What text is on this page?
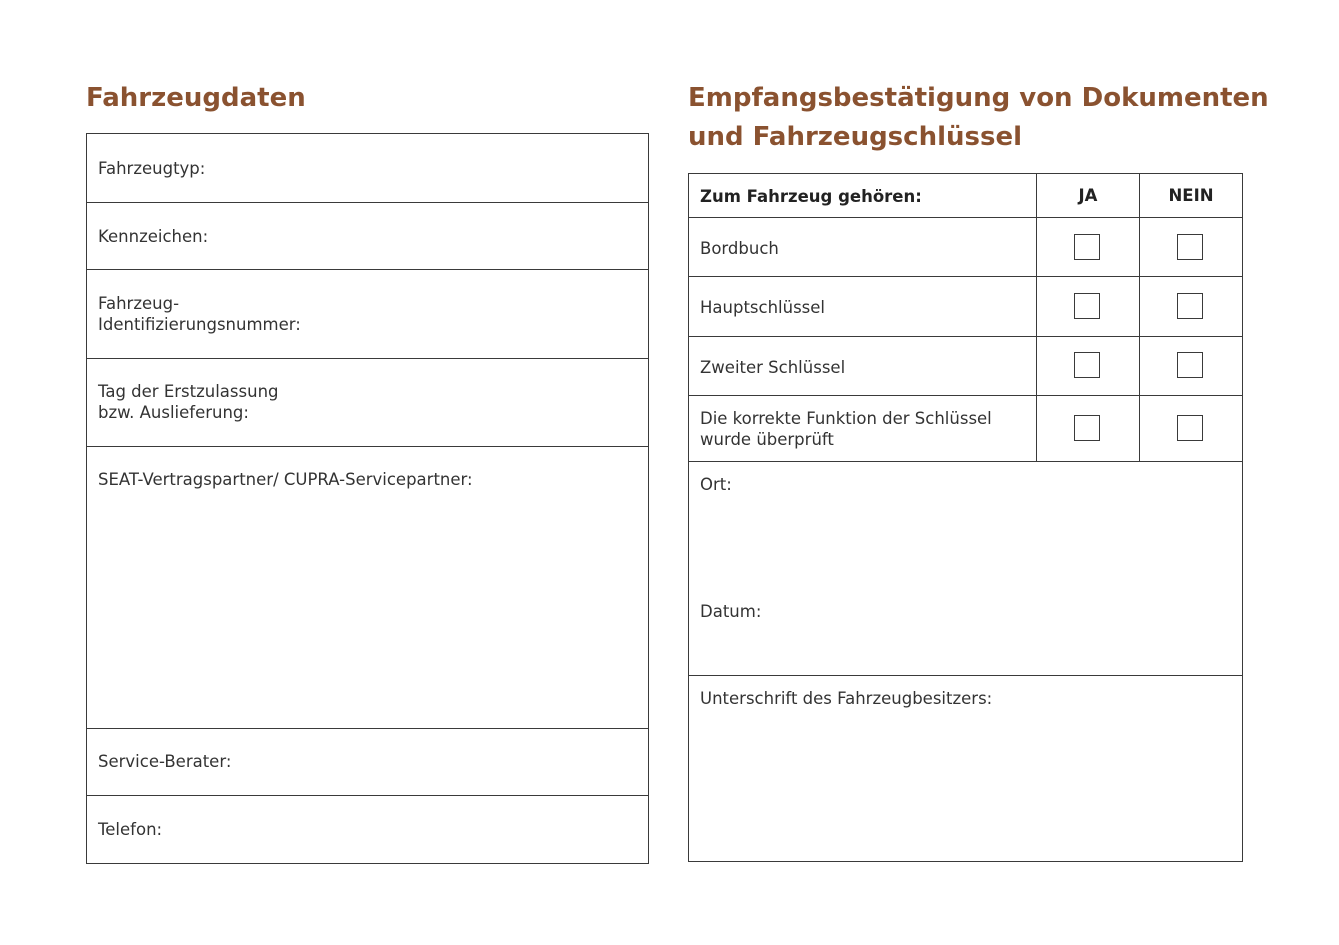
Fahrzeugdaten
Fahrzeugtyp:
Kennzeichen:
Fahrzeug-
Identifizierungsnummer:
Tag der Erstzulassung
bzw. Auslieferung:
SEAT-Vertragspartner/ CUPRA-Servicepartner:
Service-Berater:
Telefon:
Empfangsbestätigung von Dokumenten
und Fahrzeugschlüssel
Zum Fahrzeug gehören:	JA	NEIN
Bordbuch
Hauptschlüssel
Zweiter Schlüssel
Die korrekte Funktion der Schlüssel
wurde überprüft
Ort:
Datum:
Unterschrift des Fahrzeugbesitzers:
